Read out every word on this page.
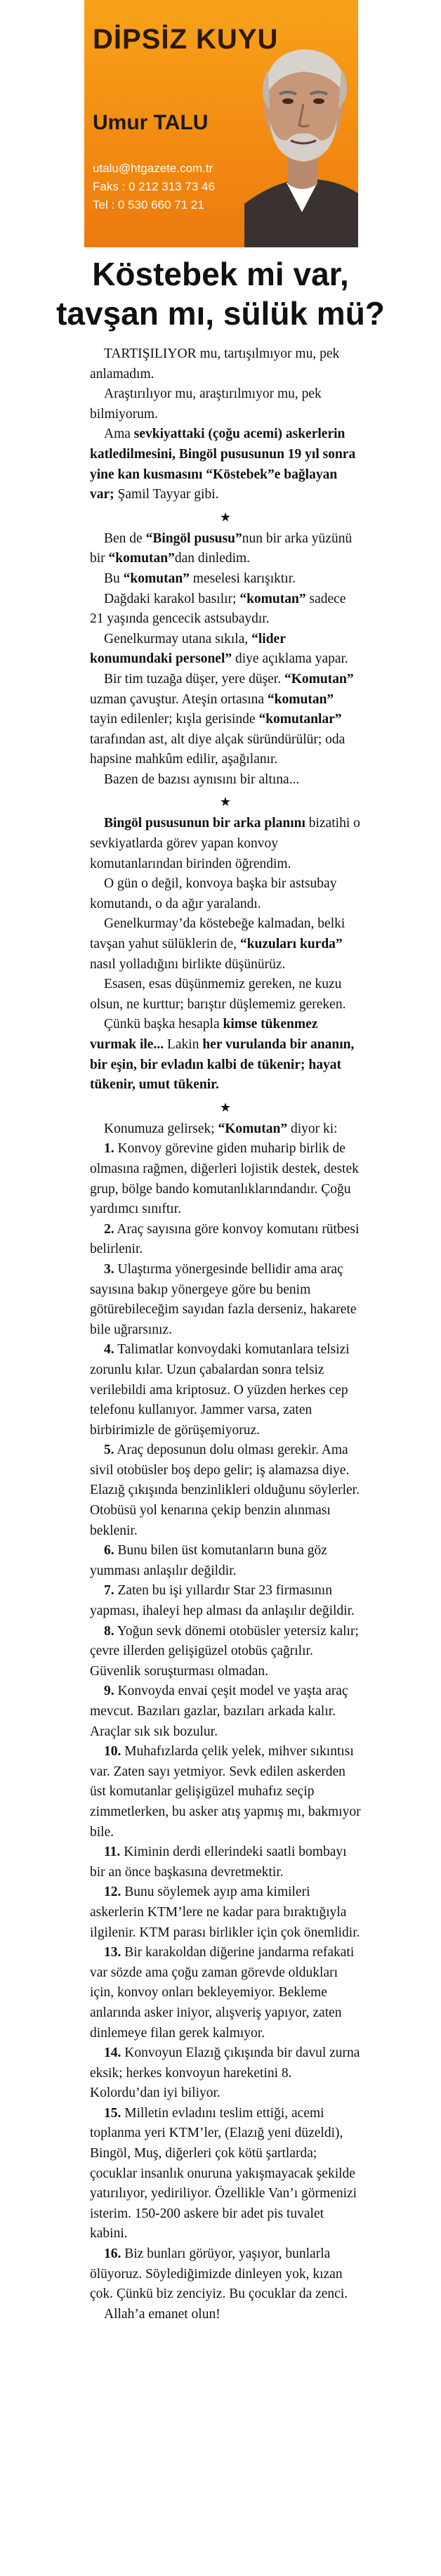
DİPSİZ KUYU
Umur TALU
utalu@htgazete.com.tr
Faks : 0 212 313 73 46
Tel : 0 530 660 71 21
Köstebek mi var,
tavşan mı, sülük mü?

TARTIŞILIYOR mu, tartışılmıyor mu, pek anlamadım.

Araştırılıyor mu, araştırılmıyor mu, pek bilmiyorum.

Ama sevkiyattaki (çoğu acemi) askerlerin katledilmesini, Bingöl pususunun 19 yıl sonra yine kan kusmasını “Köstebek”e bağlayan var; Şamil Tayyar gibi.

★

Ben de “Bingöl pususu”nun bir arka yüzünü bir “komutan”dan dinledim.

Bu “komutan” meselesi karışıktır.

Dağdaki karakol basılır; “komutan” sadece 21 yaşında gencecik astsubaydır.

Genelkurmay utana sıkıla, “lider konumundaki personel” diye açıklama yapar.

Bir tim tuzağa düşer, yere düşer. “Komutan” uzman çavuştur. Ateşin ortasına “komutan” tayin edilenler; kışla gerisinde “komutanlar” tarafından ast, alt diye alçak süründürülür; oda hapsine mahkûm edilir, aşağılanır.

Bazen de bazısı aynısını bir altına...

★

Bingöl pususunun bir arka planını bizatihi o sevkiyatlarda görev yapan konvoy komutanlarından birinden öğrendim.

O gün o değil, konvoya başka bir astsubay komutandı, o da ağır yaralandı.

Genelkurmay’da köstebeğe kalmadan, belki tavşan yahut sülüklerin de, “kuzuları kurda” nasıl yolladığını birlikte düşünürüz.

Esasen, esas düşünmemiz gereken, ne kuzu olsun, ne kurttur; barıştır düşlememiz gereken.

Çünkü başka hesapla kimse tükenmez vurmak ile... Lakin her vurulanda bir ananın, bir eşin, bir evladın kalbi de tükenir; hayat tükenir, umut tükenir.

★

Konumuza gelirsek; “Komutan” diyor ki:

1. Konvoy görevine giden muharip birlik de olmasına rağmen, diğerleri lojistik destek, destek grup, bölge bando komutanlıklarındandır. Çoğu yardımcı sınıftır.

2. Araç sayısına göre konvoy komutanı rütbesi belirlenir.

3. Ulaştırma yönergesinde bellidir ama araç sayısına bakıp yönergeye göre bu benim götürebileceğim sayıdan fazla derseniz, hakarete bile uğrarsınız.

4. Talimatlar konvoydaki komutanlara telsizi zorunlu kılar. Uzun çabalardan sonra telsiz verilebildi ama kriptosuz. O yüzden herkes cep telefonu kullanıyor. Jammer varsa, zaten birbirimizle de görüşemiyoruz.

5. Araç deposunun dolu olması gerekir. Ama sivil otobüsler boş depo gelir; iş alamazsa diye. Elazığ çıkışında benzinlikleri olduğunu söylerler. Otobüsü yol kenarına çekip benzin alınması beklenir.

6. Bunu bilen üst komutanların buna göz yumması anlaşılır değildir.

7. Zaten bu işi yıllardır Star 23 firmasının yapması, ihaleyi hep alması da anlaşılır değildir.

8. Yoğun sevk dönemi otobüsler yetersiz kalır; çevre illerden gelişigüzel otobüs çağrılır. Güvenlik soruşturması olmadan.

9. Konvoyda envai çeşit model ve yaşta araç mevcut. Bazıları gazlar, bazıları arkada kalır. Araçlar sık sık bozulur.

10. Muhafızlarda çelik yelek, mihver sıkıntısı var. Zaten sayı yetmiyor. Sevk edilen askerden üst komutanlar gelişigüzel muhafız seçip zimmetlerken, bu asker atış yapmış mı, bakmıyor bile.

11. Kiminin derdi ellerindeki saatli bombayı bir an önce başkasına devretmektir.

12. Bunu söylemek ayıp ama kimileri askerlerin KTM’lere ne kadar para bıraktığıyla ilgilenir. KTM parası birlikler için çok önemlidir.

13. Bir karakoldan diğerine jandarma refakati var sözde ama çoğu zaman görevde oldukları için, konvoy onları bekleyemiyor. Bekleme anlarında asker iniyor, alışveriş yapıyor, zaten dinlemeye filan gerek kalmıyor.

14. Konvoyun Elazığ çıkışında bir davul zurna eksik; herkes konvoyun hareketini 8. Kolordu’dan iyi biliyor.

15. Milletin evladını teslim ettiği, acemi toplanma yeri KTM’ler, (Elazığ yeni düzeldi), Bingöl, Muş, diğerleri çok kötü şartlarda; çocuklar insanlık onuruna yakışmayacak şekilde yatırılıyor, yediriliyor. Özellikle Van’ı görmenizi isterim. 150-200 askere bir adet pis tuvalet kabini.

16. Biz bunları görüyor, yaşıyor, bunlarla ölüyoruz. Söylediğimizde dinleyen yok, kızan çok. Çünkü biz zenciyiz. Bu çocuklar da zenci.

Allah’a emanet olun!
